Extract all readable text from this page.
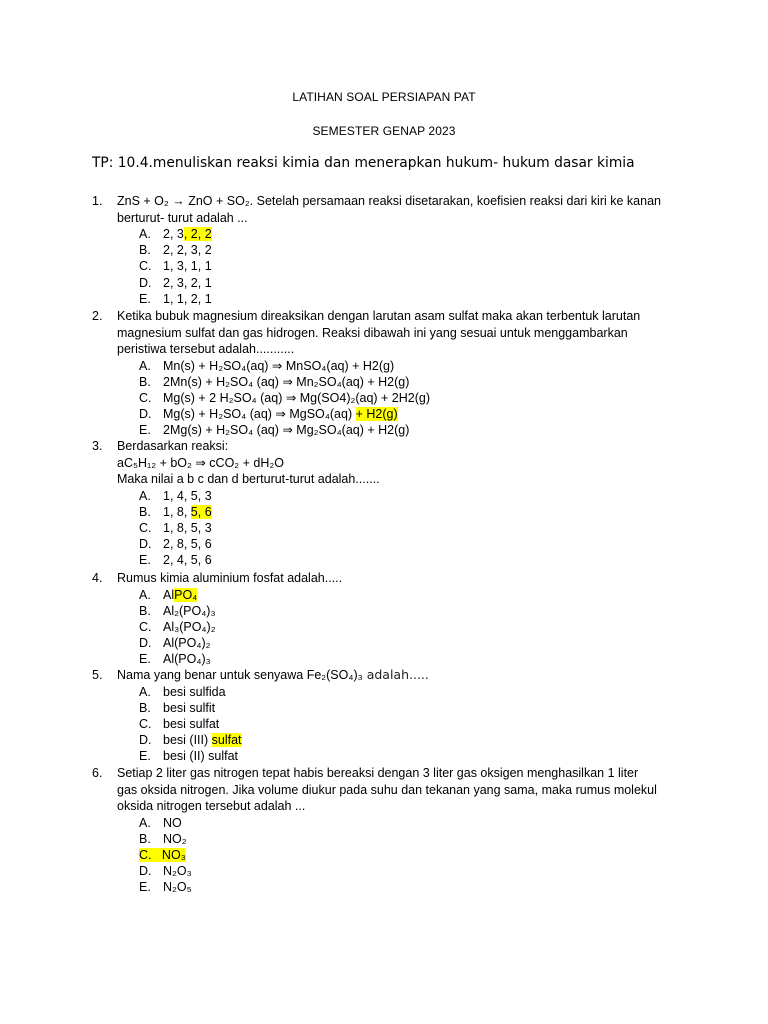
LATIHAN SOAL PERSIAPAN PAT
SEMESTER GENAP 2023
TP: 10.4.menuliskan reaksi kimia dan menerapkan hukum- hukum dasar kimia
1. ZnS + O₂ → ZnO + SO₂. Setelah persamaan reaksi disetarakan, koefisien reaksi dari kiri ke kanan
berturut- turut adalah ...
A. 2, 3, 2, 2
B. 2, 2, 3, 2
C. 1, 3, 1, 1
D. 2, 3, 2, 1
E. 1, 1, 2, 1
2. Ketika bubuk magnesium direaksikan dengan larutan asam sulfat maka akan terbentuk larutan
magnesium sulfat dan gas hidrogen. Reaksi dibawah ini yang sesuai untuk menggambarkan
peristiwa tersebut adalah...........
A. Mn(s) + H₂SO₄(aq) ⇒ MnSO₄(aq) + H2(g)
B. 2Mn(s) + H₂SO₄ (aq) ⇒ Mn₂SO₄(aq) + H2(g)
C. Mg(s) + 2 H₂SO₄ (aq) ⇒ Mg(SO4)₂(aq) + 2H2(g)
D. Mg(s) + H₂SO₄ (aq) ⇒ MgSO₄(aq) + H2(g)
E. 2Mg(s) + H₂SO₄ (aq) ⇒ Mg₂SO₄(aq) + H2(g)
3. Berdasarkan reaksi:
aC₅H₁₂ + bO₂ ⇒ cCO₂ + dH₂O
Maka nilai a b c dan d berturut-turut adalah.......
A. 1, 4, 5, 3
B. 1, 8, 5, 6
C. 1, 8, 5, 3
D. 2, 8, 5, 6
E. 2, 4, 5, 6
4. Rumus kimia aluminium fosfat adalah.....
A. AlPO₄
B. Al₂(PO₄)₃
C. Al₃(PO₄)₂
D. Al(PO₄)₂
E. Al(PO₄)₃
5. Nama yang benar untuk senyawa Fe₂(SO₄)₃ adalah.....
A. besi sulfida
B. besi sulfit
C. besi sulfat
D. besi (III) sulfat
E. besi (II) sulfat
6. Setiap 2 liter gas nitrogen tepat habis bereaksi dengan 3 liter gas oksigen menghasilkan 1 liter
gas oksida nitrogen. Jika volume diukur pada suhu dan tekanan yang sama, maka rumus molekul
oksida nitrogen tersebut adalah ...
A. NO
B. NO₂
C.   NO₃
D. N₂O₃
E. N₂O₅
